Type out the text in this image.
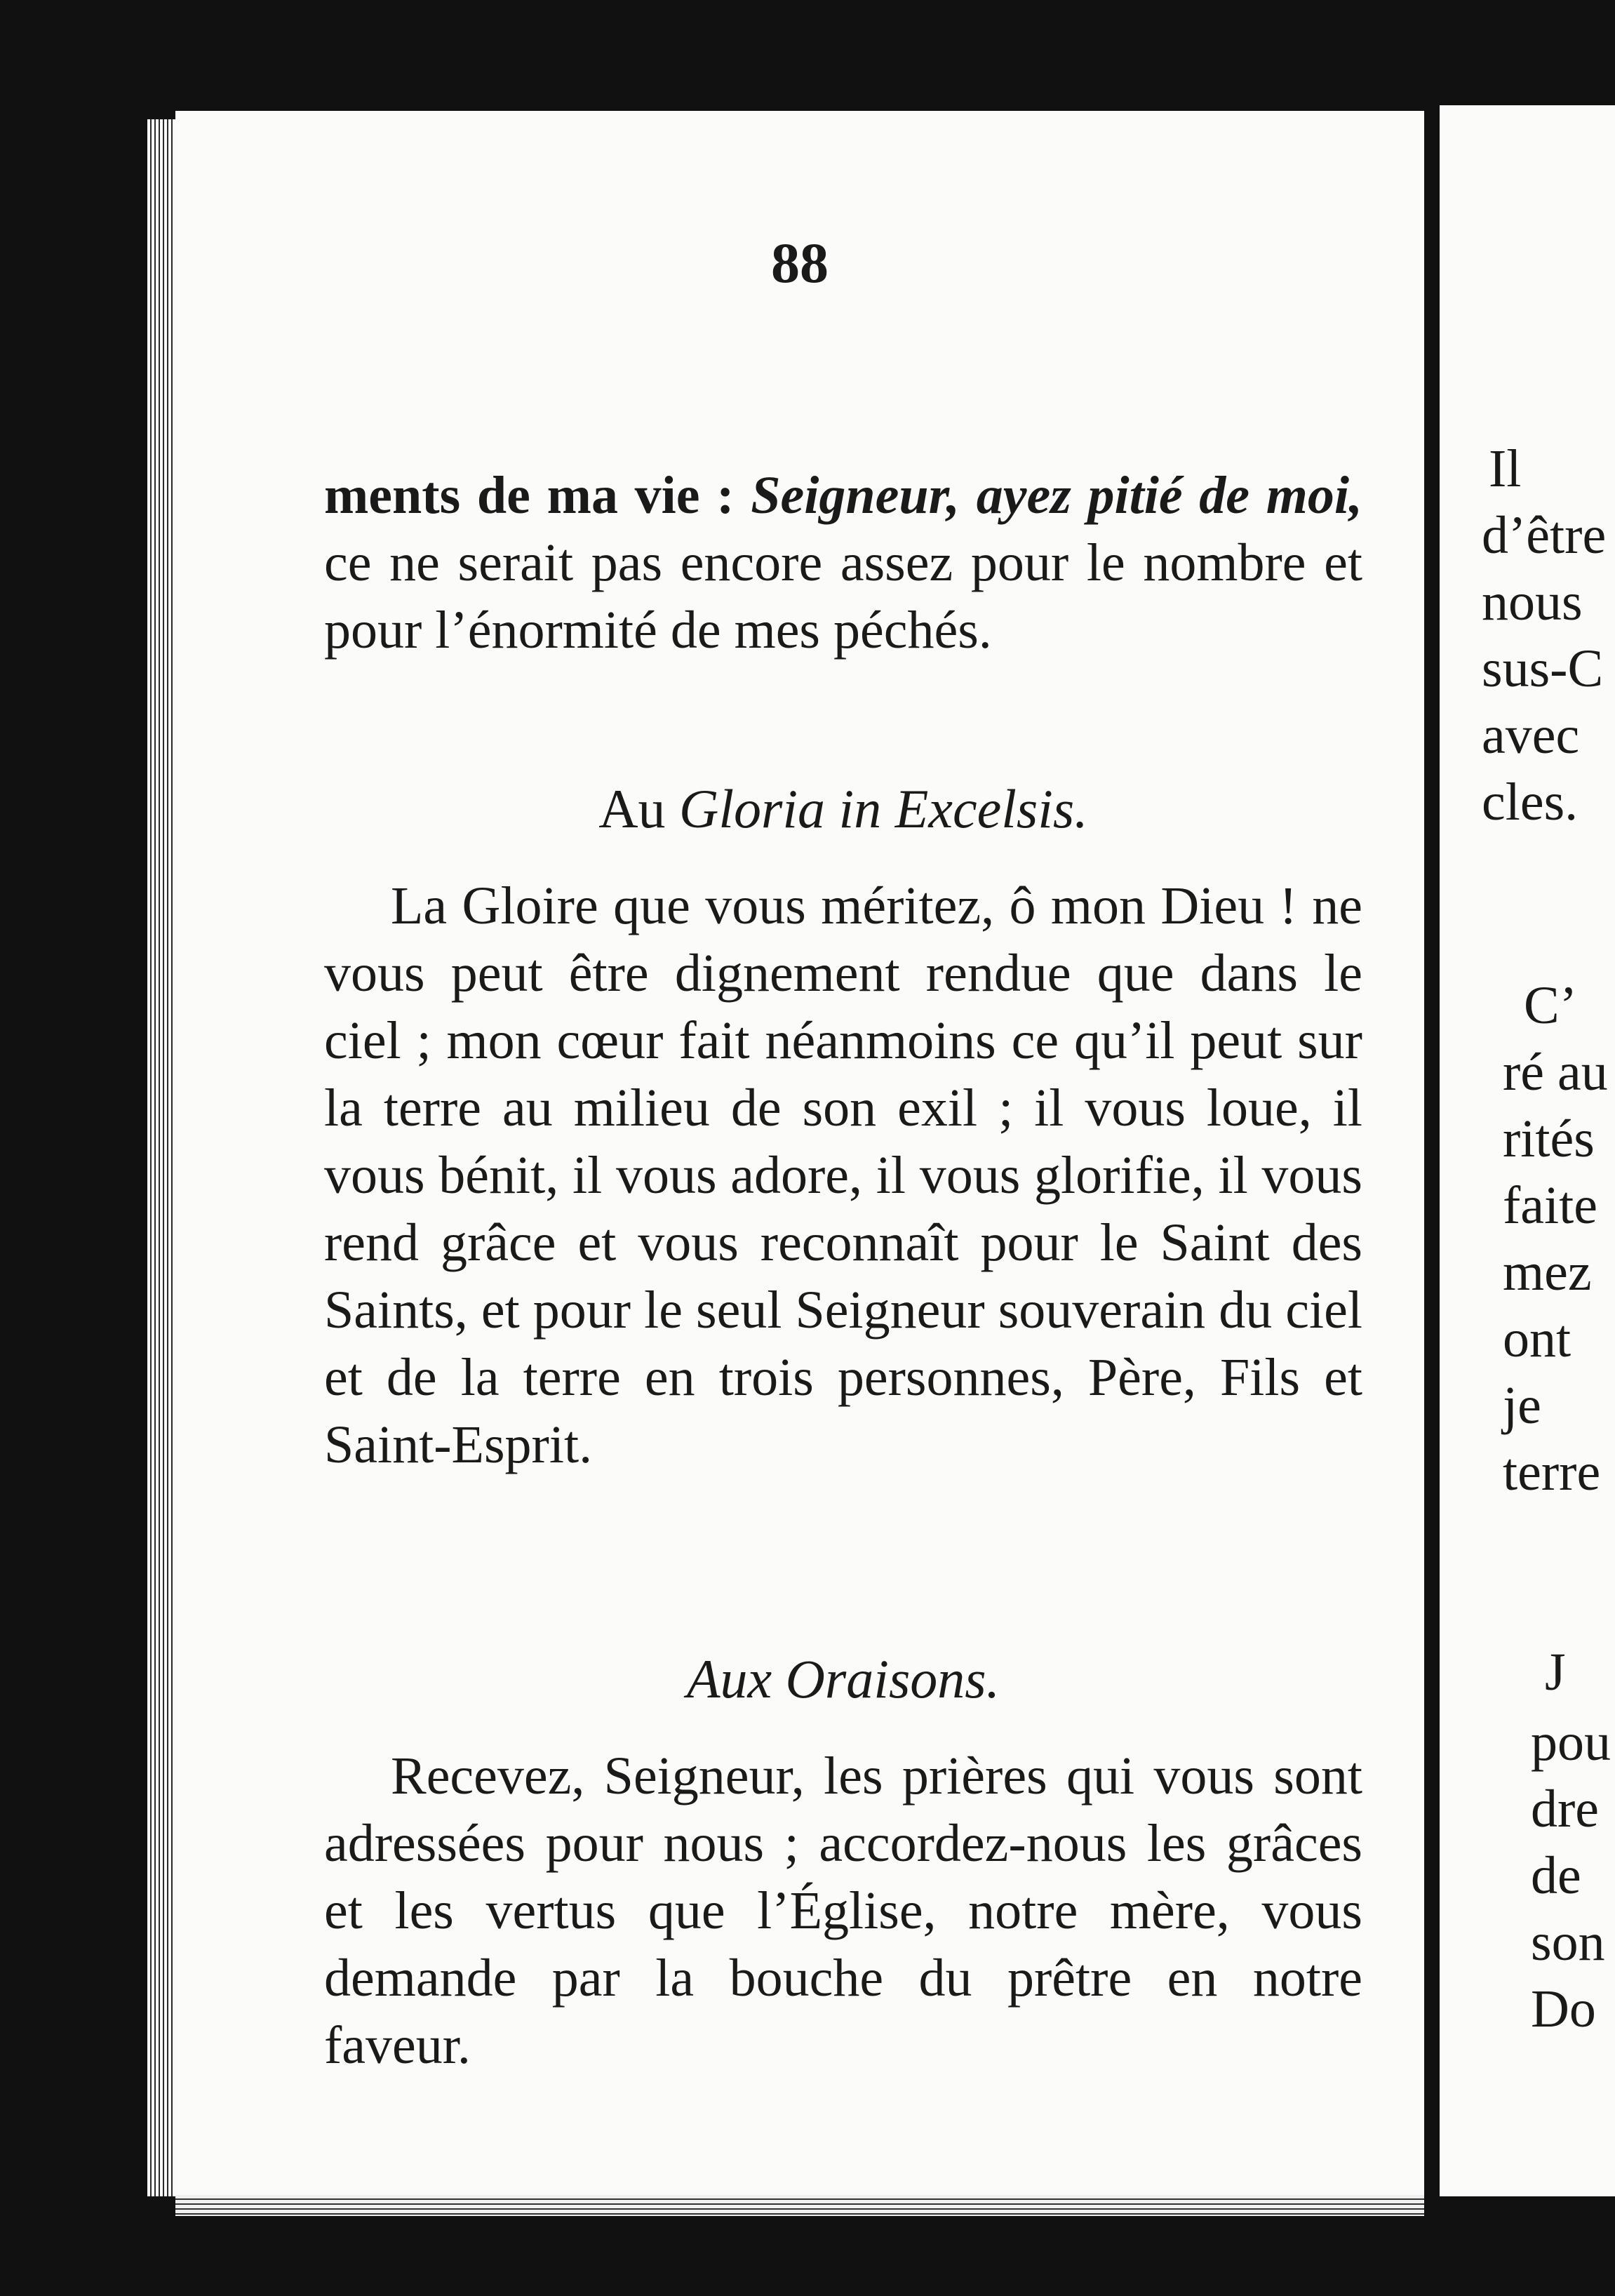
88

ments de ma vie : Seigneur, ayez pitié de moi, ce ne serait pas encore assez pour le nombre et pour l’énormité de mes péchés.

Au Gloria in Excelsis.

La Gloire que vous méritez, ô mon Dieu ! ne vous peut être dignement rendue que dans le ciel ; mon cœur fait néanmoins ce qu’il peut sur la terre au milieu de son exil ; il vous loue, il vous bénit, il vous adore, il vous glorifie, il vous rend grâce et vous reconnaît pour le Saint des Saints, et pour le seul Seigneur souverain du ciel et de la terre en trois personnes, Père, Fils et Saint-Esprit.

Aux Oraisons.

Recevez, Seigneur, les prières qui vous sont adressées pour nous ; accordez-nous les grâces et les vertus que l’Église, notre mère, vous demande par la bouche du prêtre en notre faveur.

Il
d’être
nous
sus-C
avec
cles.
C’
ré au
rités
faite
mez
ont
je
terre
J
pou
dre
de
son
Do
